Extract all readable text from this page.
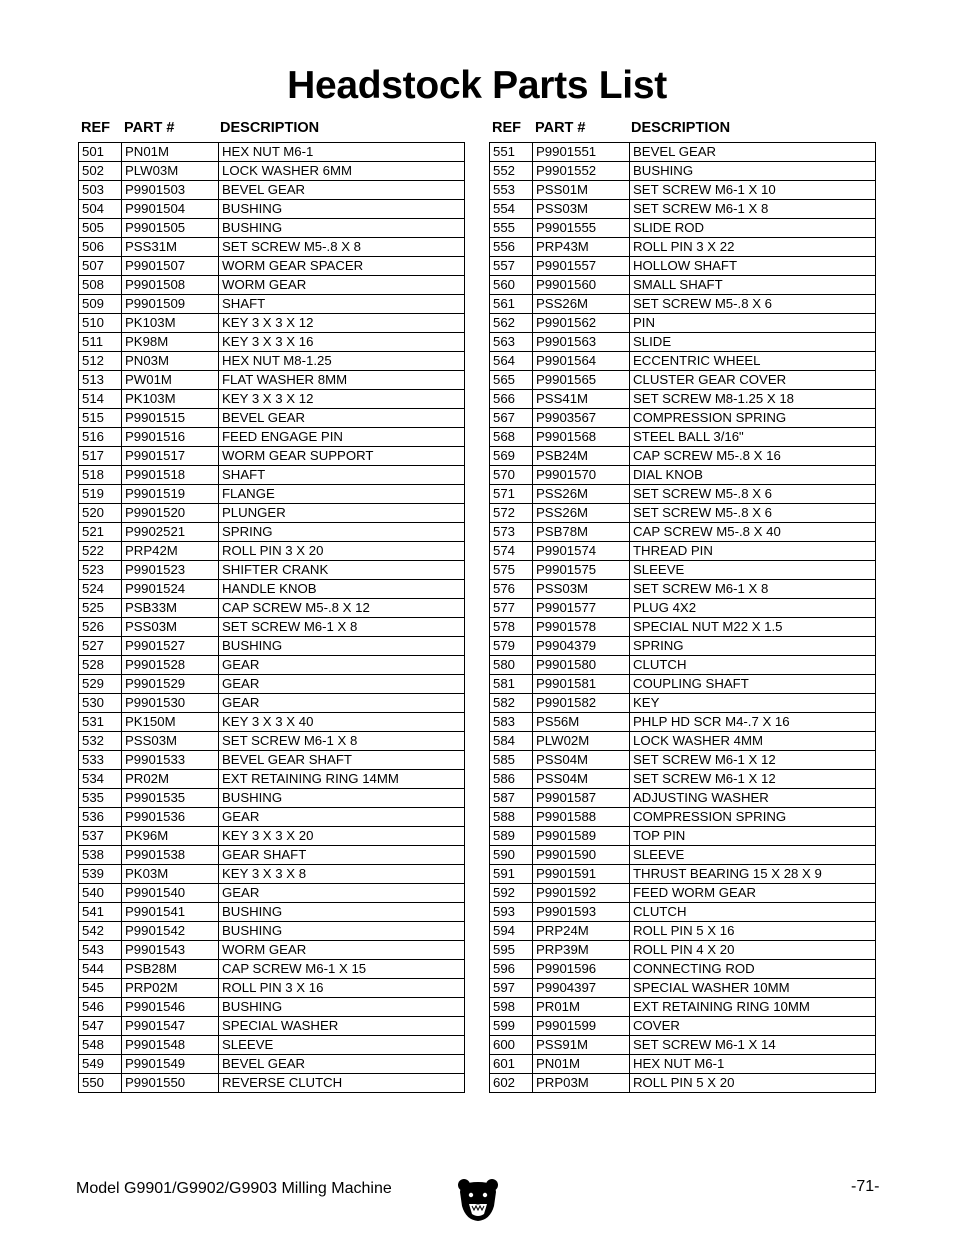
Headstock Parts List
REF PART #	DESCRIPTION
501	PN01M	HEX NUT M6-1
502	PLW03M	LOCK WASHER 6MM
503	P9901503	BEVEL GEAR
504	P9901504	BUSHING
505	P9901505	BUSHING
506	PSS31M	SET SCREW M5-.8 X 8
507	P9901507	WORM GEAR SPACER
508	P9901508	WORM GEAR
509	P9901509	SHAFT
510	PK103M	KEY 3 X 3 X 12
511	PK98M	KEY 3 X 3 X 16
512	PN03M	HEX NUT M8-1.25
513	PW01M	FLAT WASHER 8MM
514	PK103M	KEY 3 X 3 X 12
515	P9901515	BEVEL GEAR
516	P9901516	FEED ENGAGE PIN
517	P9901517	WORM GEAR SUPPORT
518	P9901518	SHAFT
519	P9901519	FLANGE
520	P9901520	PLUNGER
521	P9902521	SPRING
522	PRP42M	ROLL PIN 3 X 20
523	P9901523	SHIFTER CRANK
524	P9901524	HANDLE KNOB
525	PSB33M	CAP SCREW M5-.8 X 12
526	PSS03M	SET SCREW M6-1 X 8
527	P9901527	BUSHING
528	P9901528	GEAR
529	P9901529	GEAR
530	P9901530	GEAR
531	PK150M	KEY 3 X 3 X 40
532	PSS03M	SET SCREW M6-1 X 8
533	P9901533	BEVEL GEAR SHAFT
534	PR02M	EXT RETAINING RING 14MM
535	P9901535	BUSHING
536	P9901536	GEAR
537	PK96M	KEY 3 X 3 X 20
538	P9901538	GEAR SHAFT
539	PK03M	KEY 3 X 3 X 8
540	P9901540	GEAR
541	P9901541	BUSHING
542	P9901542	BUSHING
543	P9901543	WORM GEAR
544	PSB28M	CAP SCREW M6-1 X 15
545	PRP02M	ROLL PIN 3 X 16
546	P9901546	BUSHING
547	P9901547	SPECIAL WASHER
548	P9901548	SLEEVE
549	P9901549	BEVEL GEAR
550	P9901550	REVERSE CLUTCH
REF PART #	DESCRIPTION
551	P9901551	BEVEL GEAR
552	P9901552	BUSHING
553	PSS01M	SET SCREW M6-1 X 10
554	PSS03M	SET SCREW M6-1 X 8
555	P9901555	SLIDE ROD
556	PRP43M	ROLL PIN 3 X 22
557	P9901557	HOLLOW SHAFT
560	P9901560	SMALL SHAFT
561	PSS26M	SET SCREW M5-.8 X 6
562	P9901562	PIN
563	P9901563	SLIDE
564	P9901564	ECCENTRIC WHEEL
565	P9901565	CLUSTER GEAR COVER
566	PSS41M	SET SCREW M8-1.25 X 18
567	P9903567	COMPRESSION SPRING
568	P9901568	STEEL BALL 3/16"
569	PSB24M	CAP SCREW M5-.8 X 16
570	P9901570	DIAL KNOB
571	PSS26M	SET SCREW M5-.8 X 6
572	PSS26M	SET SCREW M5-.8 X 6
573	PSB78M	CAP SCREW M5-.8 X 40
574	P9901574	THREAD PIN
575	P9901575	SLEEVE
576	PSS03M	SET SCREW M6-1 X 8
577	P9901577	PLUG 4X2
578	P9901578	SPECIAL NUT M22 X 1.5
579	P9904379	SPRING
580	P9901580	CLUTCH
581	P9901581	COUPLING SHAFT
582	P9901582	KEY
583	PS56M	PHLP HD SCR M4-.7 X 16
584	PLW02M	LOCK WASHER 4MM
585	PSS04M	SET SCREW M6-1 X 12
586	PSS04M	SET SCREW M6-1 X 12
587	P9901587	ADJUSTING WASHER
588	P9901588	COMPRESSION SPRING
589	P9901589	TOP PIN
590	P9901590	SLEEVE
591	P9901591	THRUST BEARING 15 X 28 X 9
592	P9901592	FEED WORM GEAR
593	P9901593	CLUTCH
594	PRP24M	ROLL PIN 5 X 16
595	PRP39M	ROLL PIN 4 X 20
596	P9901596	CONNECTING ROD
597	P9904397	SPECIAL WASHER 10MM
598	PR01M	EXT RETAINING RING 10MM
599	P9901599	COVER
600	PSS91M	SET SCREW M6-1 X 14
601	PN01M	HEX NUT M6-1
602	PRP03M	ROLL PIN 5 X 20
Model G9901/G9902/G9903 Milling Machine	-71-
